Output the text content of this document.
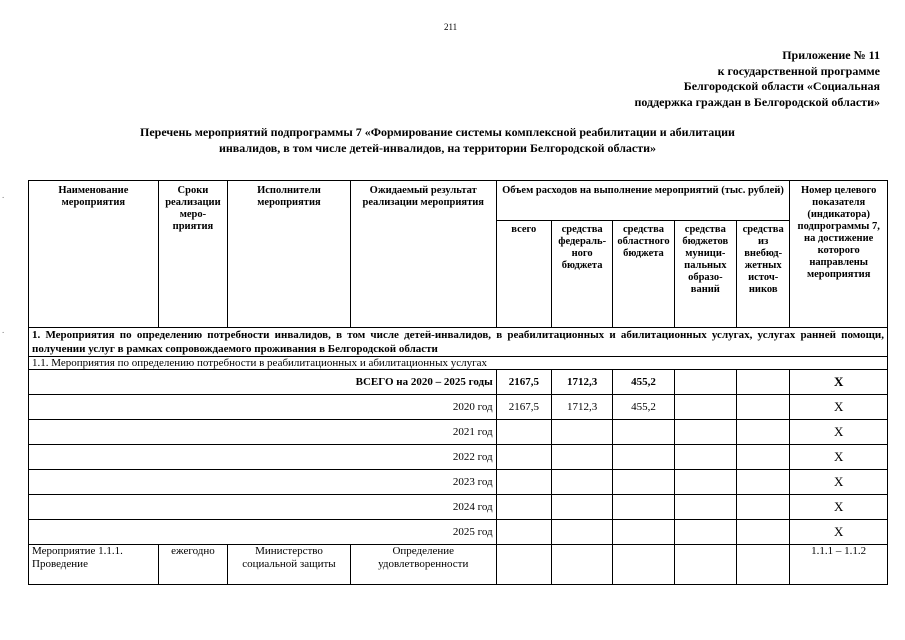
211
Приложение № 11
к государственной программе
Белгородской области «Социальная
поддержка граждан в Белгородской области»
Перечень мероприятий подпрограммы 7 «Формирование системы комплексной реабилитации и абилитации
инвалидов, в том числе детей-инвалидов, на территории Белгородской области»
.
.
Наименование мероприятия	Сроки реализации меро-приятия	Исполнители мероприятия	Ожидаемый результат реализации мероприятия	Объем расходов на выполнение мероприятий (тыс. рублей)					Номер целевого показателя (индикатора) подпрограммы 7, на достижение которого направлены мероприятия
				всего	средства федераль-ного бюджета	средства областного бюджета	средства бюджетов муници-пальных образо-ваний	средства из внебюд-жетных источ-ников	
1. Мероприятия по определению потребности инвалидов, в том числе детей-инвалидов, в реабилитационных и абилитационных услугах, услугах ранней помощи, получении услуг в рамках сопровождаемого проживания в Белгородской области									
1.1. Мероприятия по определению потребности в реабилитационных и абилитационных услугах									
ВСЕГО на 2020 – 2025 годы				2167,5	1712,3	455,2			Х
2020 год				2167,5	1712,3	455,2			Х
2021 год									Х
2022 год									Х
2023 год									Х
2024 год									Х
2025 год									Х
Мероприятие 1.1.1. Проведение	ежегодно	Министерство социальной защиты	Определение удовлетворенности						1.1.1 – 1.1.2
